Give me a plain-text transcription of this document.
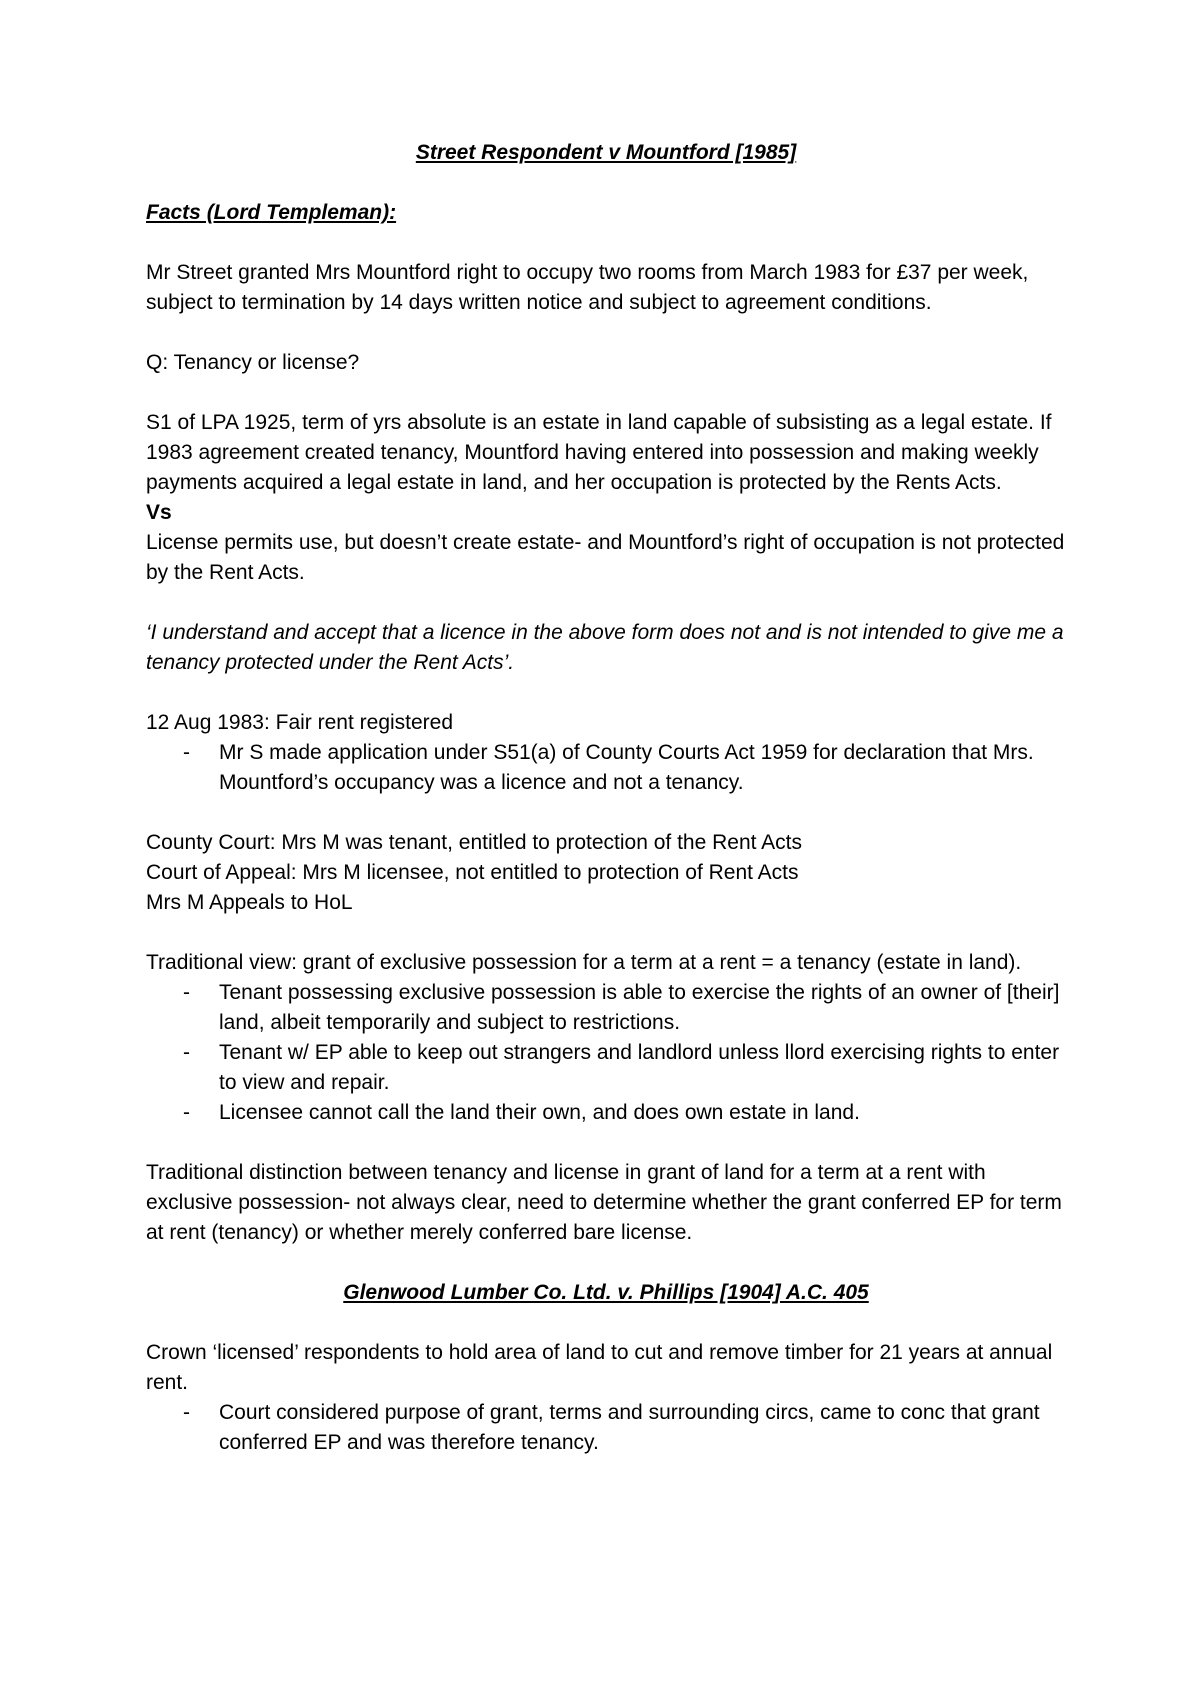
Street Respondent v Mountford [1985]

Facts (Lord Templeman):

Mr Street granted Mrs Mountford right to occupy two rooms from March 1983 for £37 per week, subject to termination by 14 days written notice and subject to agreement conditions.

Q: Tenancy or license?

S1 of LPA 1925, term of yrs absolute is an estate in land capable of subsisting as a legal estate. If 1983 agreement created tenancy, Mountford having entered into possession and making weekly payments acquired a legal estate in land, and her occupation is protected by the Rents Acts.

Vs

License permits use, but doesn’t create estate- and Mountford’s right of occupation is not protected by the Rent Acts.

‘I understand and accept that a licence in the above form does not and is not intended to give me a tenancy protected under the Rent Acts’.

12 Aug 1983: Fair rent registered

- Mr S made application under S51(a) of County Courts Act 1959 for declaration that Mrs. Mountford’s occupancy was a licence and not a tenancy.

County Court: Mrs M was tenant, entitled to protection of the Rent Acts

Court of Appeal: Mrs M licensee, not entitled to protection of Rent Acts

Mrs M Appeals to HoL

Traditional view: grant of exclusive possession for a term at a rent = a tenancy (estate in land).

- Tenant possessing exclusive possession is able to exercise the rights of an owner of [their] land, albeit temporarily and subject to restrictions.
- Tenant w/ EP able to keep out strangers and landlord unless llord exercising rights to enter to view and repair.
- Licensee cannot call the land their own, and does own estate in land.

Traditional distinction between tenancy and license in grant of land for a term at a rent with exclusive possession- not always clear, need to determine whether the grant conferred EP for term at rent (tenancy) or whether merely conferred bare license.

Glenwood Lumber Co. Ltd. v. Phillips [1904] A.C. 405

Crown ‘licensed’ respondents to hold area of land to cut and remove timber for 21 years at annual rent.

- Court considered purpose of grant, terms and surrounding circs, came to conc that grant conferred EP and was therefore tenancy.
